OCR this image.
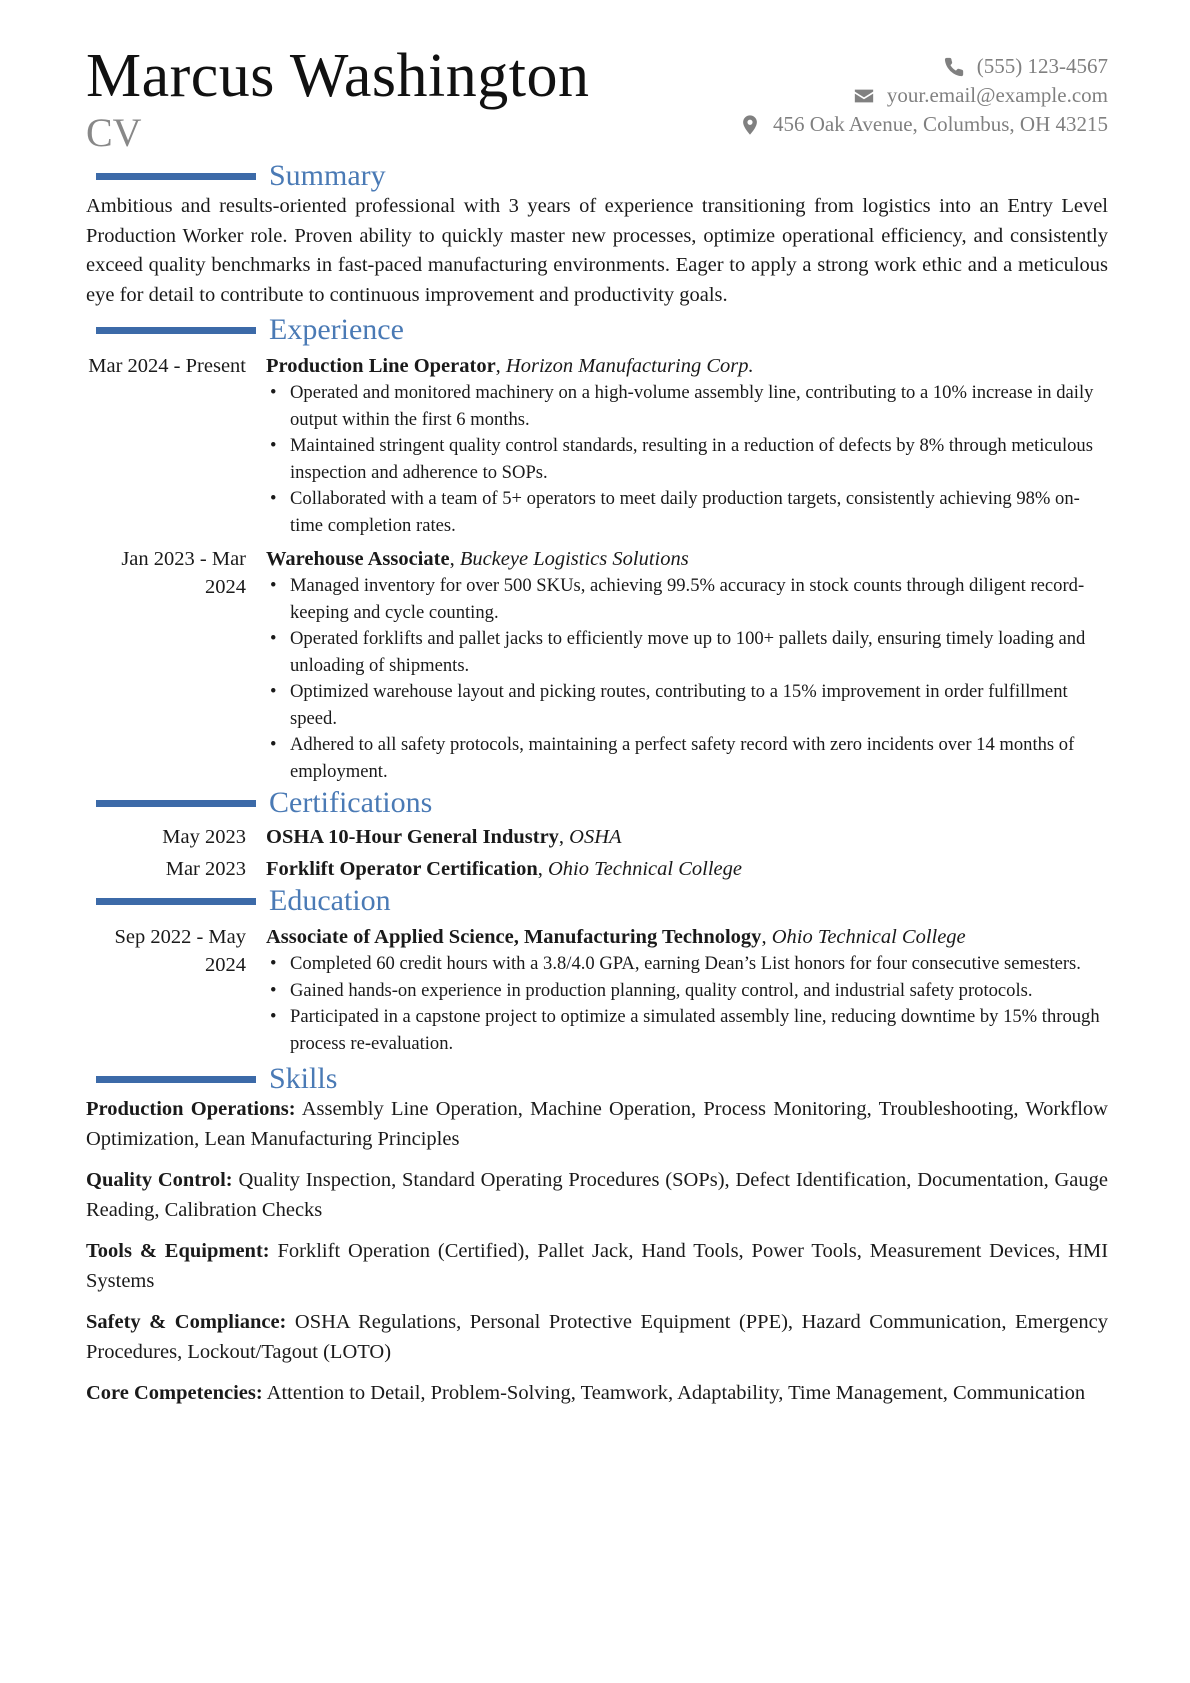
Marcus Washington
CV
(555) 123-4567
your.email@example.com
456 Oak Avenue, Columbus, OH 43215
Summary

Ambitious and results-oriented professional with 3 years of experience transitioning from logistics into an Entry Level Production Worker role. Proven ability to quickly master new processes, optimize operational efficiency, and consistently exceed quality benchmarks in fast-paced manufacturing environments. Eager to apply a strong work ethic and a meticulous eye for detail to contribute to continuous improvement and productivity goals.

Experience
Mar 2024 - Present Production Line Operator, Horizon Manufacturing Corp.
• Operated and monitored machinery on a high-volume assembly line, contributing to a 10% increase in daily output within the first 6 months.
• Maintained stringent quality control standards, resulting in a reduction of defects by 8% through meticulous inspection and adherence to SOPs.
• Collaborated with a team of 5+ operators to meet daily production targets, consistently achieving 98% on-time completion rates.
Jan 2023 - Mar 2024
Warehouse Associate, Buckeye Logistics Solutions
• Managed inventory for over 500 SKUs, achieving 99.5% accuracy in stock counts through diligent record-keeping and cycle counting.
• Operated forklifts and pallet jacks to efficiently move up to 100+ pallets daily, ensuring timely loading and unloading of shipments.
• Optimized warehouse layout and picking routes, contributing to a 15% improvement in order fulfillment speed.
• Adhered to all safety protocols, maintaining a perfect safety record with zero incidents over 14 months of employment.
Certifications
May 2023 OSHA 10-Hour General Industry, OSHA
Mar 2023 Forklift Operator Certification, Ohio Technical College
Education
Sep 2022 - May 2024
Associate of Applied Science, Manufacturing Technology, Ohio Technical College
• Completed 60 credit hours with a 3.8/4.0 GPA, earning Dean’s List honors for four consecutive semesters.
• Gained hands-on experience in production planning, quality control, and industrial safety protocols.
• Participated in a capstone project to optimize a simulated assembly line, reducing downtime by 15% through process re-evaluation.
Skills
Production Operations: Assembly Line Operation, Machine Operation, Process Monitoring, Troubleshooting, Workflow Optimization, Lean Manufacturing Principles
Quality Control: Quality Inspection, Standard Operating Procedures (SOPs), Defect Identification, Documentation, Gauge Reading, Calibration Checks
Tools & Equipment: Forklift Operation (Certified), Pallet Jack, Hand Tools, Power Tools, Measurement Devices, HMI Systems
Safety & Compliance: OSHA Regulations, Personal Protective Equipment (PPE), Hazard Communication, Emergency Procedures, Lockout/Tagout (LOTO)
Core Competencies: Attention to Detail, Problem-Solving, Teamwork, Adaptability, Time Management, Communication
